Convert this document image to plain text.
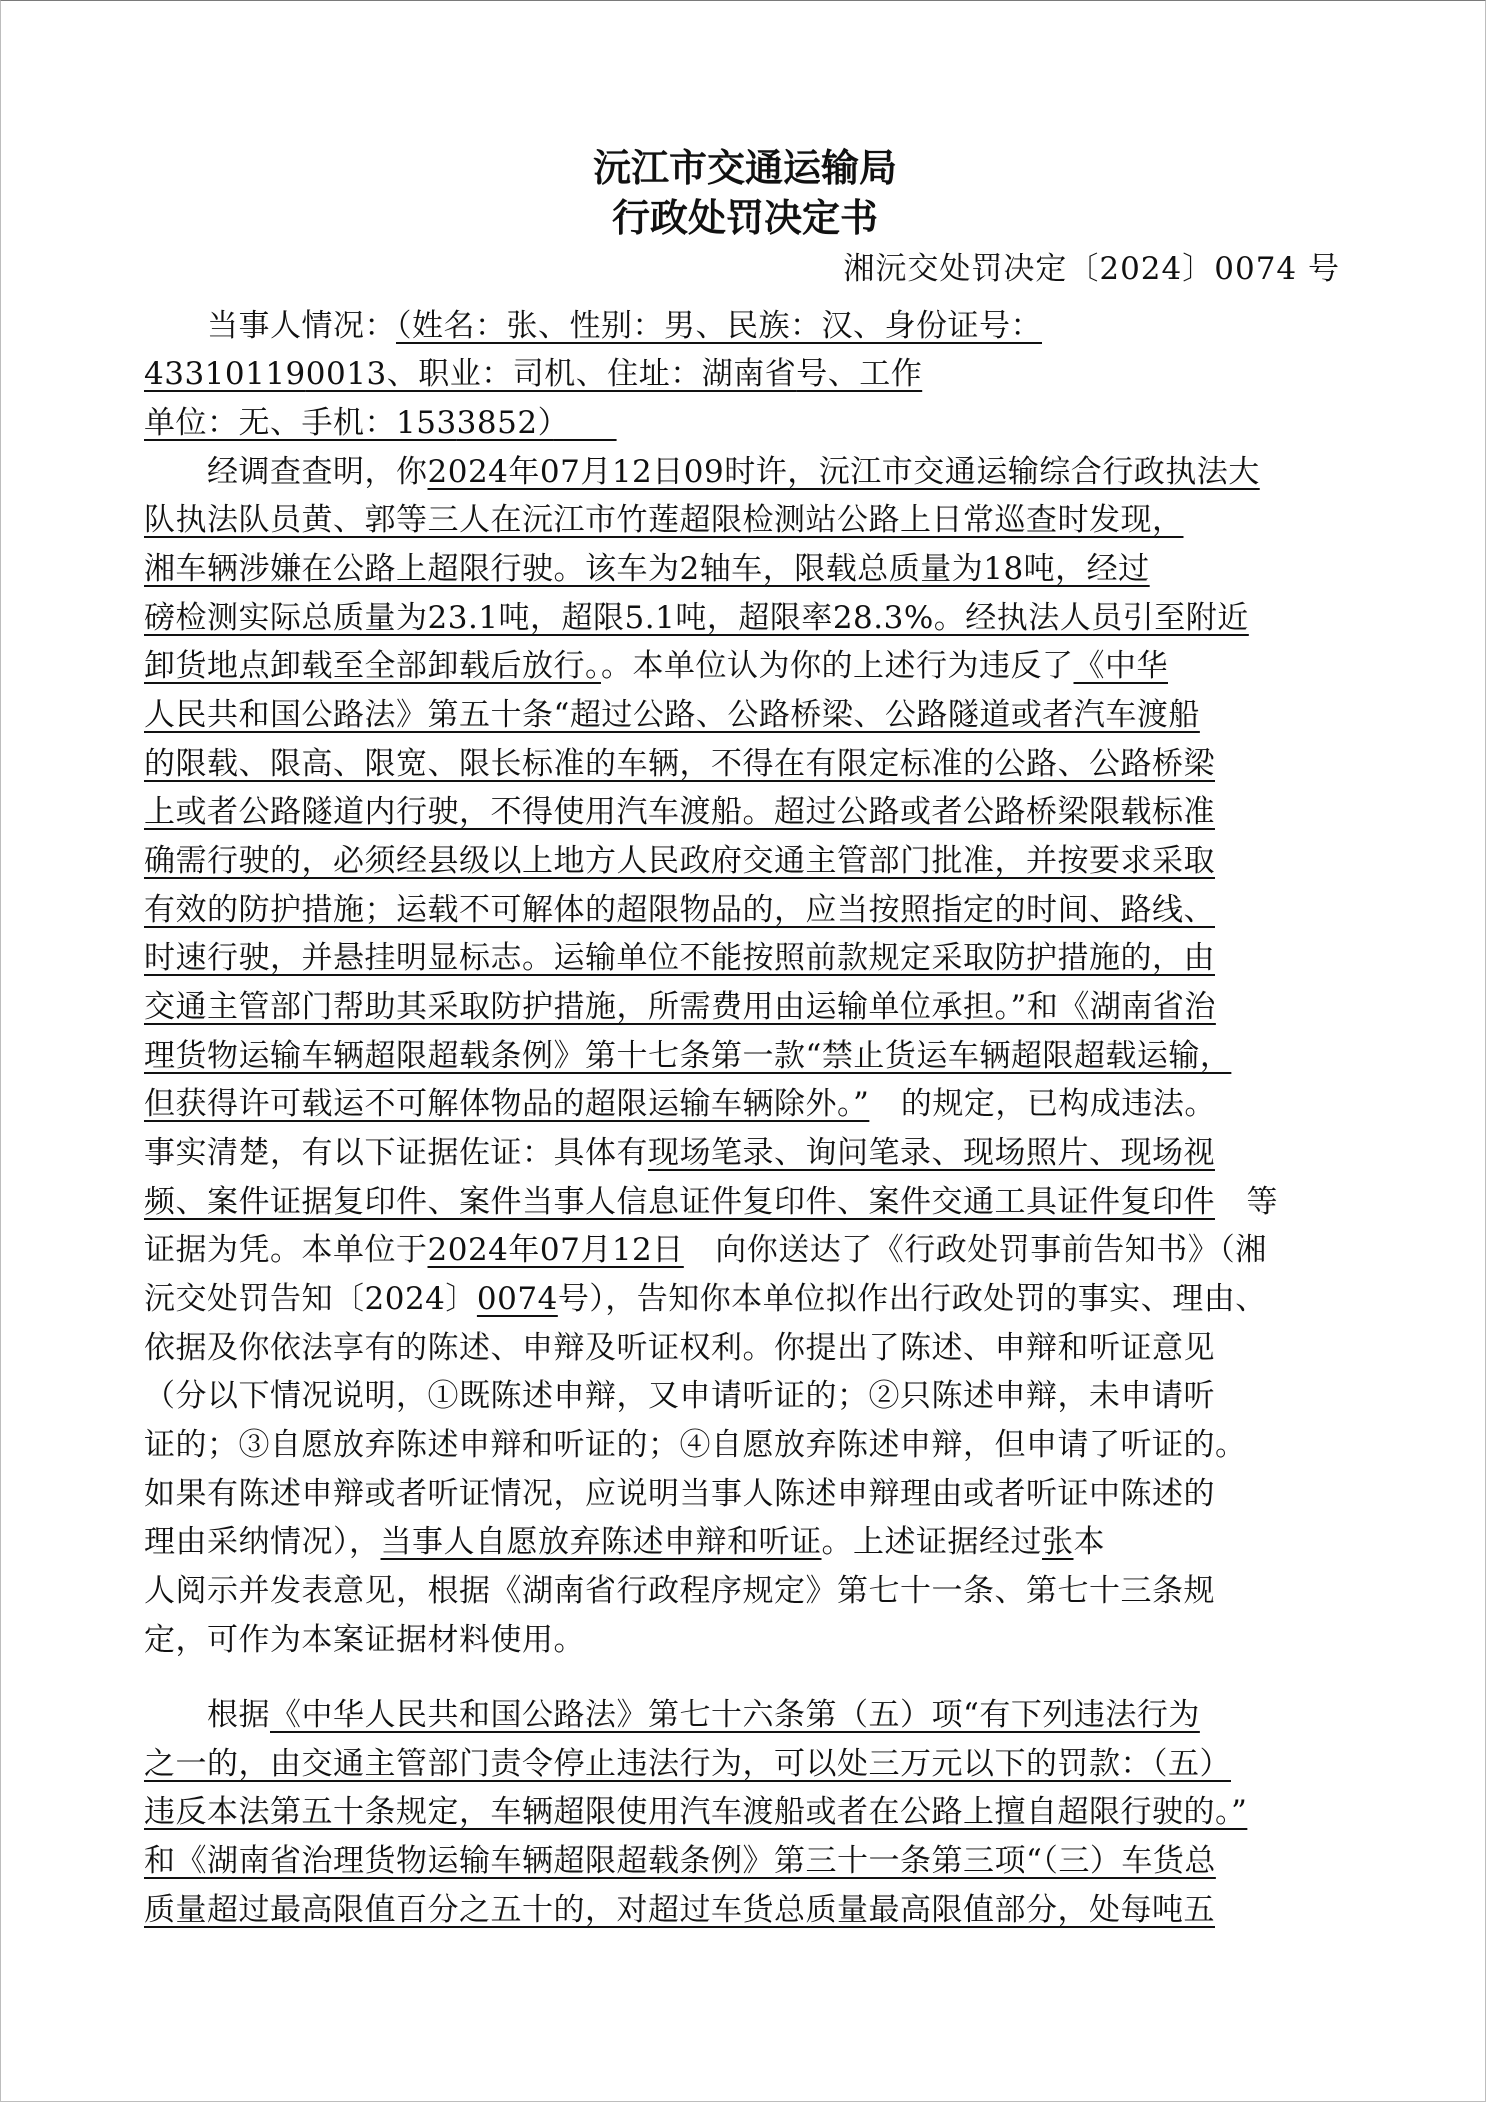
沅江市交通运输局
行政处罚决定书
湘沅交处罚决定〔2024〕0074 号
　　当事人情况：（姓名：张、性别：男、民族：汉、身份证号：
433101190013、职业：司机、住址：湖南省号、工作
单位：无、手机：1533852）　　
　　经调查查明，你2024年07月12日09时许，沅江市交通运输综合行政执法大
队执法队员黄、郭等三人在沅江市竹莲超限检测站公路上日常巡查时发现，
湘车辆涉嫌在公路上超限行驶。该车为2轴车，限载总质量为18吨，经过
磅检测实际总质量为23.1吨，超限5.1吨，超限率28.3%。经执法人员引至附近
卸货地点卸载至全部卸载后放行。。本单位认为你的上述行为违反了《中华
人民共和国公路法》第五十条“超过公路、公路桥梁、公路隧道或者汽车渡船
的限载、限高、限宽、限长标准的车辆，不得在有限定标准的公路、公路桥梁
上或者公路隧道内行驶，不得使用汽车渡船。超过公路或者公路桥梁限载标准
确需行驶的，必须经县级以上地方人民政府交通主管部门批准，并按要求采取
有效的防护措施；运载不可解体的超限物品的，应当按照指定的时间、路线、
时速行驶，并悬挂明显标志。运输单位不能按照前款规定采取防护措施的，由
交通主管部门帮助其采取防护措施，所需费用由运输单位承担。”和《湖南省治
理货物运输车辆超限超载条例》第十七条第一款“禁止货运车辆超限超载运输，
但获得许可载运不可解体物品的超限运输车辆除外。”　 的规定，已构成违法。
事实清楚，有以下证据佐证：具体有现场笔录、询问笔录、现场照片、现场视
频、案件证据复印件、案件当事人信息证件复印件、案件交通工具证件复印件　 等
证据为凭。本单位于2024年07月12日　 向你送达了《行政处罚事前告知书》（湘
沅交处罚告知〔2024〕0074号），告知你本单位拟作出行政处罚的事实、理由、
依据及你依法享有的陈述、申辩及听证权利。你提出了陈述、申辩和听证意见
（分以下情况说明，①既陈述申辩，又申请听证的；②只陈述申辩，未申请听
证的；③自愿放弃陈述申辩和听证的；④自愿放弃陈述申辩，但申请了听证的。
如果有陈述申辩或者听证情况，应说明当事人陈述申辩理由或者听证中陈述的
理由采纳情况），当事人自愿放弃陈述申辩和听证。上述证据经过张本
人阅示并发表意见，根据《湖南省行政程序规定》第七十一条、第七十三条规
定，可作为本案证据材料使用。
　　根据《中华人民共和国公路法》第七十六条第（五）项“有下列违法行为
之一的，由交通主管部门责令停止违法行为，可以处三万元以下的罚款：（五）
违反本法第五十条规定，车辆超限使用汽车渡船或者在公路上擅自超限行驶的。”
和《湖南省治理货物运输车辆超限超载条例》第三十一条第三项“（三）车货总
质量超过最高限值百分之五十的，对超过车货总质量最高限值部分，处每吨五
